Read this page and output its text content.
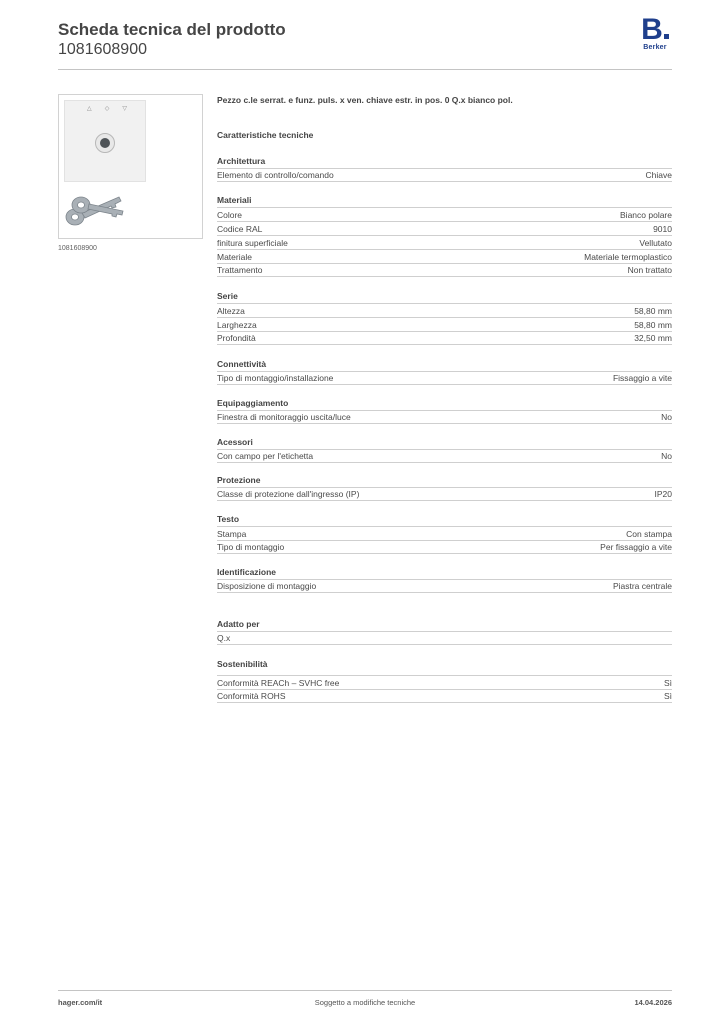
Scheda tecnica del prodotto
1081608900
B
Berker
△ ◇ ▽
1081608900
Pezzo c.le serrat. e funz. puls. x ven. chiave estr. in pos. 0 Q.x bianco pol.
Caratteristiche tecniche
Architettura
Elemento di controllo/comando	Chiave
Materiali
Colore	Bianco polare
Codice RAL	9010
finitura superficiale	Vellutato
Materiale	Materiale termoplastico
Trattamento	Non trattato
Serie
Altezza	58,80 mm
Larghezza	58,80 mm
Profondità	32,50 mm
Connettività
Tipo di montaggio/installazione	Fissaggio a vite
Equipaggiamento
Finestra di monitoraggio uscita/luce	No
Acessori
Con campo per l'etichetta	No
Protezione
Classe di protezione dall'ingresso (IP)	IP20
Testo
Stampa	Con stampa
Tipo di montaggio	Per fissaggio a vite
Identificazione
Disposizione di montaggio	Piastra centrale
Adatto per
Q.x
Sostenibilità
Conformità REACh – SVHC free	Sì
Conformità ROHS	Sì
hager.com/it	Soggetto a modifiche tecniche	14.04.2026
